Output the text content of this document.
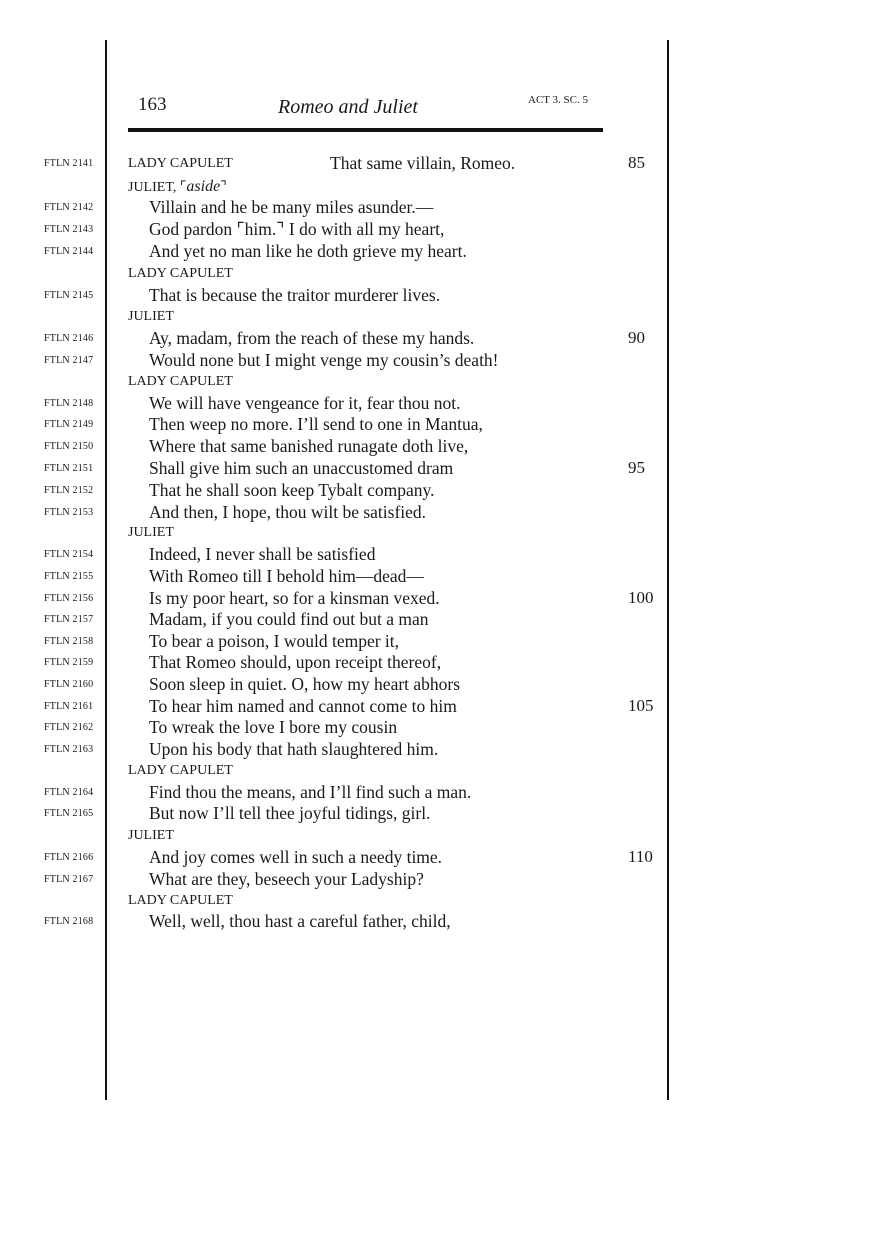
163	Romeo and Juliet	ACT 3. SC. 5
FTLN 2141 LADY CAPULET	That same villain, Romeo.	85
JULIET, ⌜aside⌝
FTLN 2142	Villain and he be many miles asunder.—
FTLN 2143	God pardon ⌜him.⌝ I do with all my heart,
FTLN 2144	And yet no man like he doth grieve my heart.
LADY CAPULET
FTLN 2145	That is because the traitor murderer lives.
JULIET
FTLN 2146	Ay, madam, from the reach of these my hands.	90
FTLN 2147	Would none but I might venge my cousin’s death!
LADY CAPULET
FTLN 2148	We will have vengeance for it, fear thou not.
FTLN 2149	Then weep no more. I’ll send to one in Mantua,
FTLN 2150	Where that same banished runagate doth live,
FTLN 2151	Shall give him such an unaccustomed dram	95
FTLN 2152	That he shall soon keep Tybalt company.
FTLN 2153	And then, I hope, thou wilt be satisfied.
JULIET
FTLN 2154	Indeed, I never shall be satisfied
FTLN 2155	With Romeo till I behold him—dead—
FTLN 2156	Is my poor heart, so for a kinsman vexed.	100
FTLN 2157	Madam, if you could find out but a man
FTLN 2158	To bear a poison, I would temper it,
FTLN 2159	That Romeo should, upon receipt thereof,
FTLN 2160	Soon sleep in quiet. O, how my heart abhors
FTLN 2161	To hear him named and cannot come to him	105
FTLN 2162	To wreak the love I bore my cousin
FTLN 2163	Upon his body that hath slaughtered him.
LADY CAPULET
FTLN 2164	Find thou the means, and I’ll find such a man.
FTLN 2165	But now I’ll tell thee joyful tidings, girl.
JULIET
FTLN 2166	And joy comes well in such a needy time.	110
FTLN 2167	What are they, beseech your Ladyship?
LADY CAPULET
FTLN 2168	Well, well, thou hast a careful father, child,
